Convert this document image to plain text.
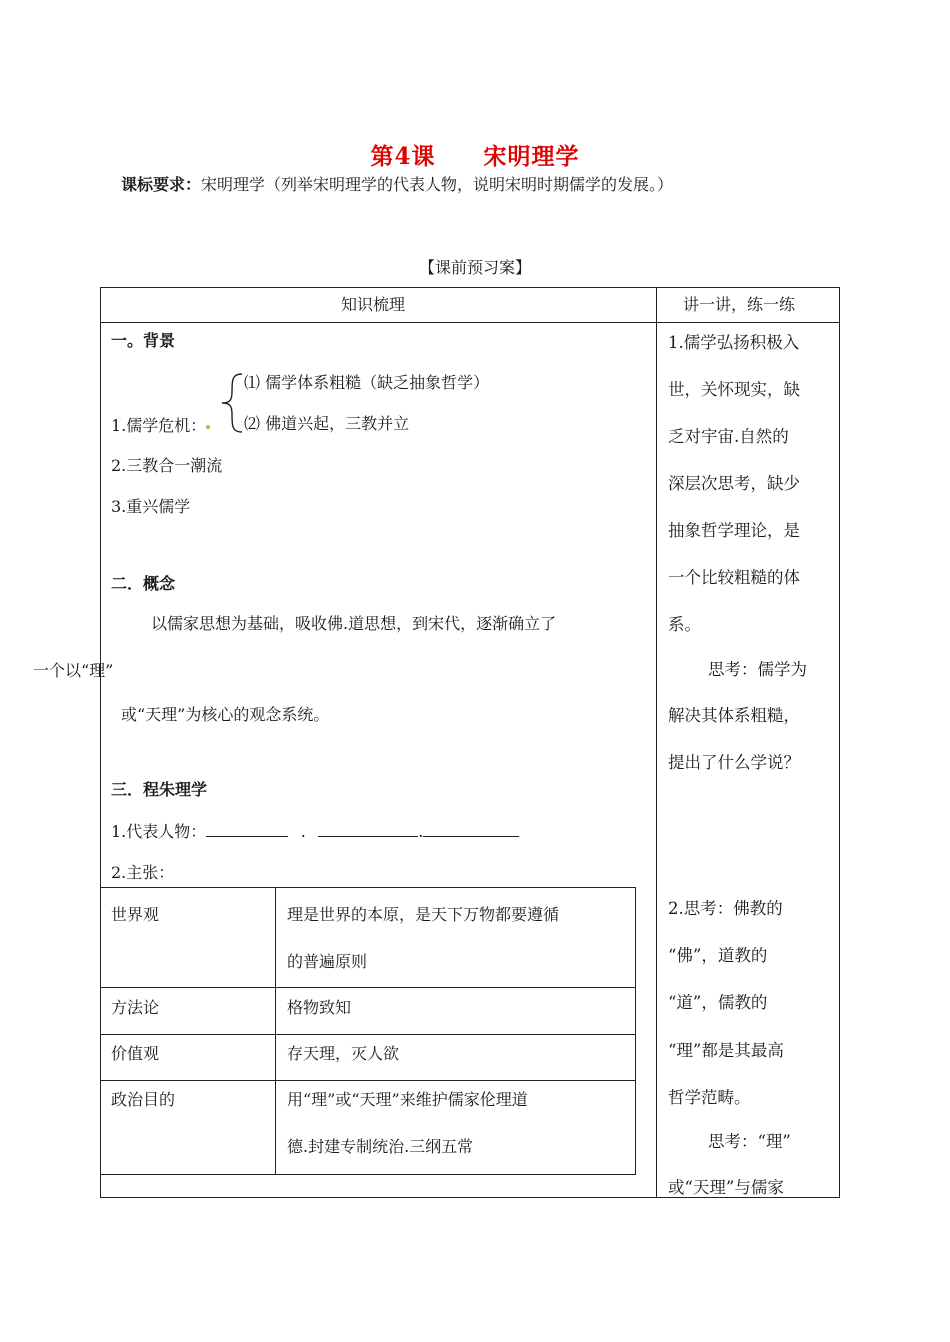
第4课 宋明理学
课标要求：宋明理学（列举宋明理学的代表人物，说明宋明时期儒学的发展。）
【课前预习案】
知识梳理	讲一讲，练一练
一。背景
⑴ 儒学体系粗糙（缺乏抽象哲学）
⑵ 佛道兴起，三教并立
1.儒学危机：
2.三教合一潮流
3.重兴儒学
二．概念
以儒家思想为基础，吸收佛.道思想，到宋代，逐渐确立了
一个以“理”
或“天理”为核心的观念系统。
三．程朱理学
1.代表人物：	.	.
2.主张：
世界观	理是世界的本原，是天下万物都要遵循
的普遍原则
方法论	格物致知
价值观	存天理，灭人欲
政治目的	用“理”或“天理”来维护儒家伦理道
德.封建专制统治.三纲五常
1.儒学弘扬积极入
世，关怀现实，缺
乏对宇宙.自然的
深层次思考，缺少
抽象哲学理论，是
一个比较粗糙的体
系。
思考：儒学为
解决其体系粗糙，
提出了什么学说？
2.思考：佛教的
“佛”，道教的
“道”，儒教的
“理”都是其最高
哲学范畴。
思考：“理”
或“天理”与儒家
